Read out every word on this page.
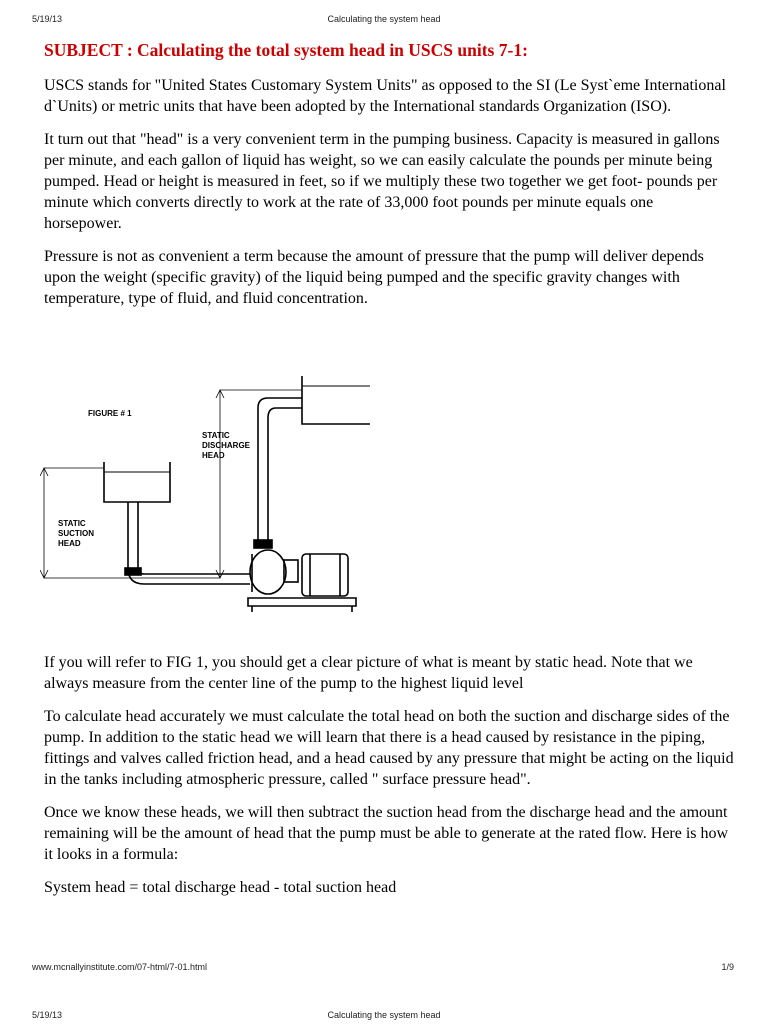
5/19/13	Calculating the system head
SUBJECT : Calculating the total system head in USCS units 7-1:

USCS stands for "United States Customary System Units" as opposed to the SI (Le Syst`eme International d`Units) or metric units that have been adopted by the International standards Organization (ISO).

It turn out that "head" is a very convenient term in the pumping business. Capacity is measured in gallons per minute, and each gallon of liquid has weight, so we can easily calculate the pounds per minute being pumped. Head or height is measured in feet, so if we multiply these two together we get foot- pounds per minute which converts directly to work at the rate of 33,000 foot pounds per minute equals one horsepower.

Pressure is not as convenient a term because the amount of pressure that the pump will deliver depends upon the weight (specific gravity) of the liquid being pumped and the specific gravity changes with temperature, type of fluid, and fluid concentration.

FIGURE # 1
STATIC
DISCHARGE
HEAD
STATIC
SUCTION
HEAD

If you will refer to FIG 1, you should get a clear picture of what is meant by static head. Note that we always measure from the center line of the pump to the highest liquid level

To calculate head accurately we must calculate the total head on both the suction and discharge sides of the pump. In addition to the static head we will learn that there is a head caused by resistance in the piping, fittings and valves called friction head, and a head caused by any pressure that might be acting on the liquid in the tanks including atmospheric pressure, called " surface pressure head".

Once we know these heads, we will then subtract the suction head from the discharge head and the amount remaining will be the amount of head that the pump must be able to generate at the rated flow. Here is how it looks in a formula:

System head = total discharge head - total suction head

www.mcnallyinstitute.com/07-html/7-01.html	1/9
5/19/13	Calculating the system head
